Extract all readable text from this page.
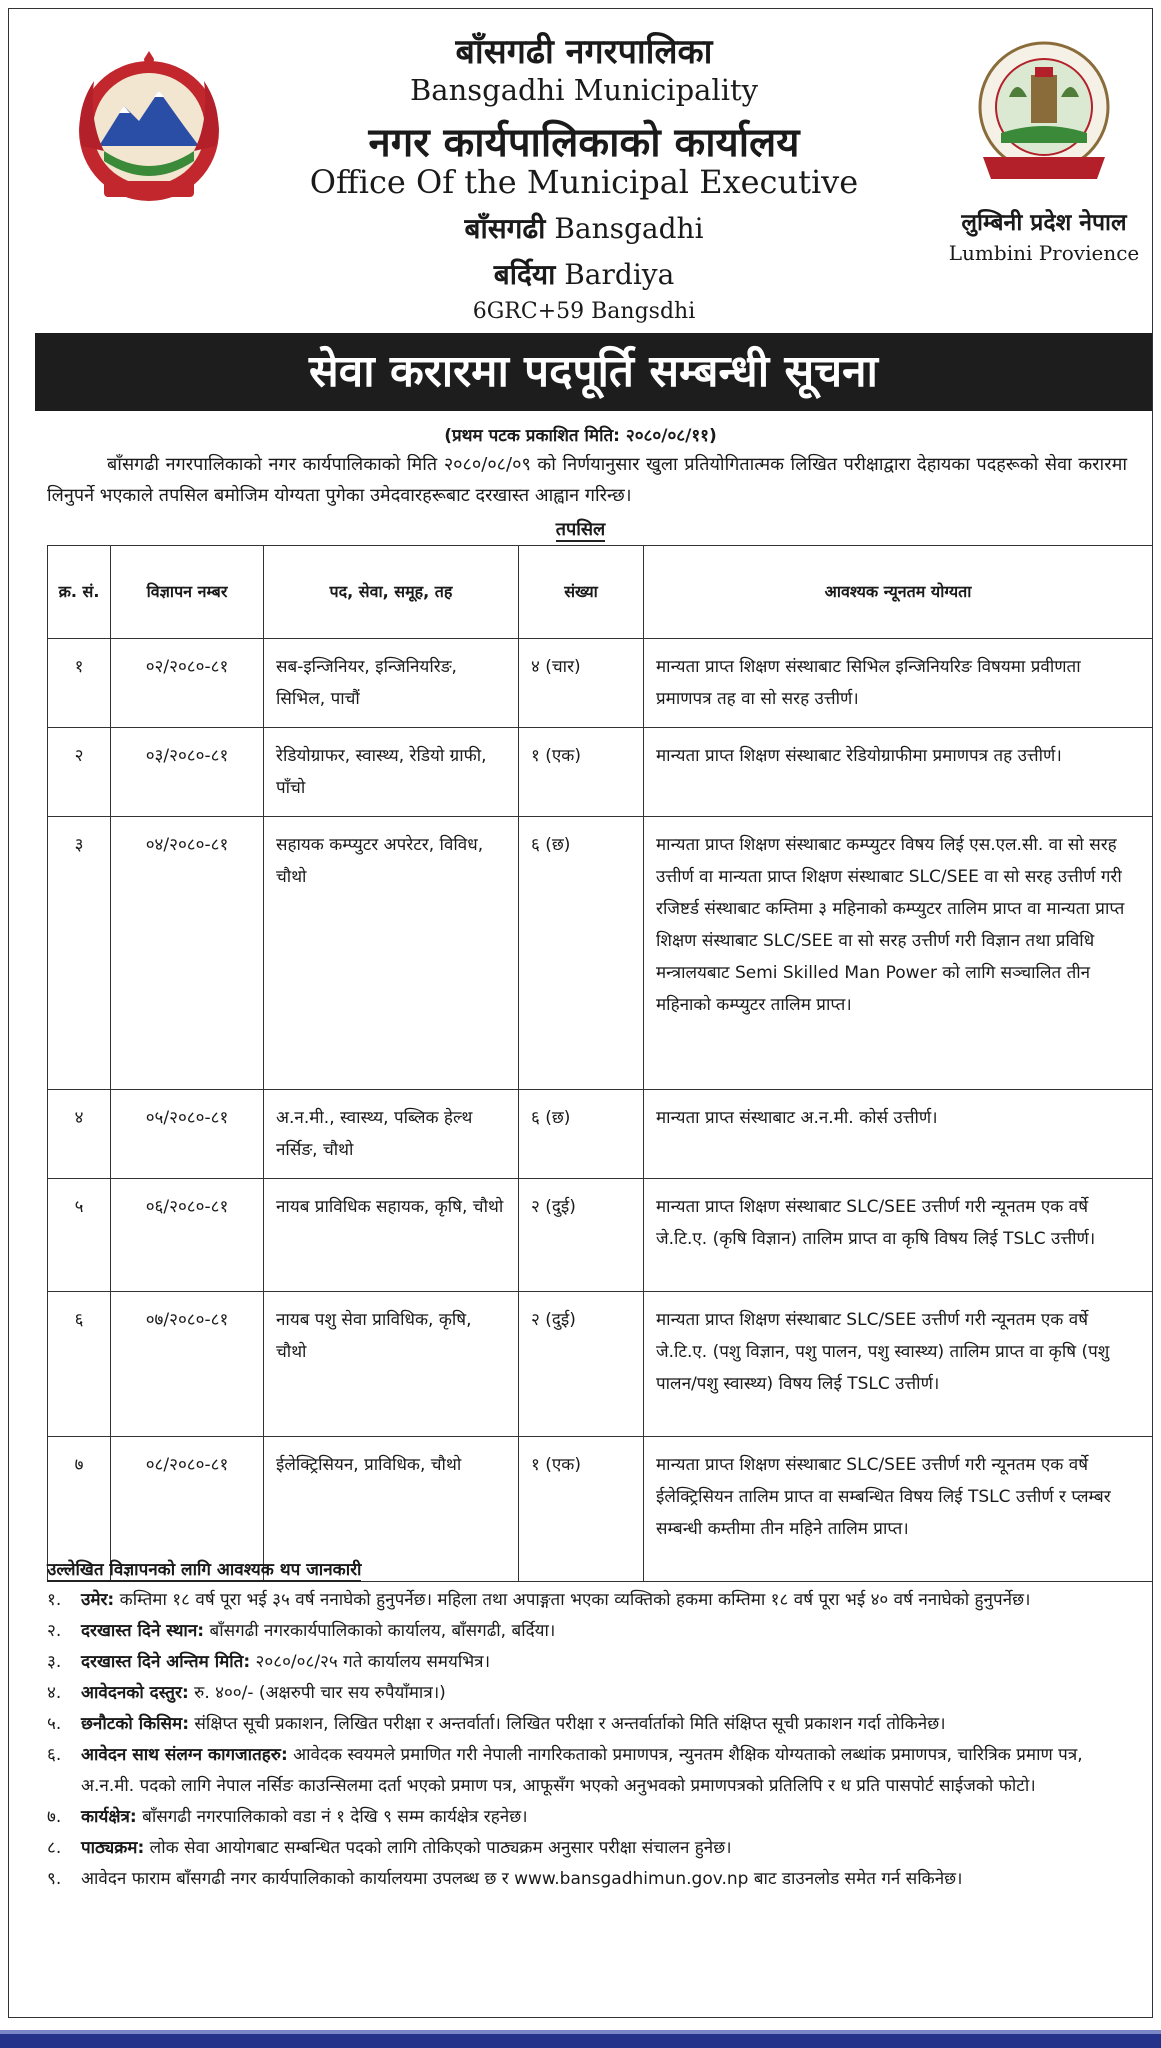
बाँसगढी नगरपालिका
Bansgadhi Municipality
नगर कार्यपालिकाको कार्यालय
Office Of the Municipal Executive
बाँसगढी Bansgadhi
बर्दिया Bardiya
6GRC+59 Bangsdhi
लुम्बिनी प्रदेश नेपाल
Lumbini Provience
सेवा करारमा पदपूर्ति सम्बन्धी सूचना
(प्रथम पटक प्रकाशित मिति: २०८०/०८/११)
बाँसगढी नगरपालिकाको नगर कार्यपालिकाको मिति २०८०/०८/०९ को निर्णयानुसार खुला प्रतियोगितात्मक लिखित परीक्षाद्वारा देहायका पदहरूको सेवा करारमा लिनुपर्ने भएकाले तपसिल बमोजिम योग्यता पुगेका उमेदवारहरूबाट दरखास्त आह्वान गरिन्छ।
तपसिल
क्र. सं.	विज्ञापन नम्बर	पद, सेवा, समूह, तह	संख्या	आवश्यक न्यूनतम योग्यता
१	०२/२०८०-८१	सब-इन्जिनियर, इन्जिनियरिङ, सिभिल, पाचौं	४ (चार)	मान्यता प्राप्त शिक्षण संस्थाबाट सिभिल इन्जिनियरिङ विषयमा प्रवीणता प्रमाणपत्र तह वा सो सरह उत्तीर्ण।
२	०३/२०८०-८१	रेडियोग्राफर, स्वास्थ्य, रेडियो ग्राफी, पाँचो	१ (एक)	मान्यता प्राप्त शिक्षण संस्थाबाट रेडियोग्राफीमा प्रमाणपत्र तह उत्तीर्ण।
३	०४/२०८०-८१	सहायक कम्प्युटर अपरेटर, विविध, चौथो	६ (छ)	मान्यता प्राप्त शिक्षण संस्थाबाट कम्प्युटर विषय लिई एस.एल.सी. वा सो सरह उत्तीर्ण वा मान्यता प्राप्त शिक्षण संस्थाबाट SLC/SEE वा सो सरह उत्तीर्ण गरी रजिष्टर्ड संस्थाबाट कम्तिमा ३ महिनाको कम्प्युटर तालिम प्राप्त वा मान्यता प्राप्त शिक्षण संस्थाबाट SLC/SEE वा सो सरह उत्तीर्ण गरी विज्ञान तथा प्रविधि मन्त्रालयबाट Semi Skilled Man Power को लागि सञ्चालित तीन महिनाको कम्प्युटर तालिम प्राप्त।
४	०५/२०८०-८१	अ.न.मी., स्वास्थ्य, पब्लिक हेल्थ नर्सिङ, चौथो	६ (छ)	मान्यता प्राप्त संस्थाबाट अ.न.मी. कोर्स उत्तीर्ण।
५	०६/२०८०-८१	नायब प्राविधिक सहायक, कृषि, चौथो	२ (दुई)	मान्यता प्राप्त शिक्षण संस्थाबाट SLC/SEE उत्तीर्ण गरी न्यूनतम एक वर्षे जे.टि.ए. (कृषि विज्ञान) तालिम प्राप्त वा कृषि विषय लिई TSLC उत्तीर्ण।
६	०७/२०८०-८१	नायब पशु सेवा प्राविधिक, कृषि, चौथो	२ (दुई)	मान्यता प्राप्त शिक्षण संस्थाबाट SLC/SEE उत्तीर्ण गरी न्यूनतम एक वर्षे जे.टि.ए. (पशु विज्ञान, पशु पालन, पशु स्वास्थ्य) तालिम प्राप्त वा कृषि (पशु पालन/पशु स्वास्थ्य) विषय लिई TSLC उत्तीर्ण।
७	०८/२०८०-८१	ईलेक्ट्रिसियन, प्राविधिक, चौथो	१ (एक)	मान्यता प्राप्त शिक्षण संस्थाबाट SLC/SEE उत्तीर्ण गरी न्यूनतम एक वर्षे ईलेक्ट्रिसियन तालिम प्राप्त वा सम्बन्धित विषय लिई TSLC उत्तीर्ण र प्लम्बर सम्बन्धी कम्तीमा तीन महिने तालिम प्राप्त।
उल्लेखित विज्ञापनको लागि आवश्यक थप जानकारी
१. उमेर: कम्तिमा १८ वर्ष पूरा भई ३५ वर्ष ननाघेको हुनुपर्नेछ। महिला तथा अपाङ्गता भएका व्यक्तिको हकमा कम्तिमा १८ वर्ष पूरा भई ४० वर्ष ननाघेको हुनुपर्नेछ।
२. दरखास्त दिने स्थान: बाँसगढी नगरकार्यपालिकाको कार्यालय, बाँसगढी, बर्दिया।
३. दरखास्त दिने अन्तिम मिति: २०८०/०८/२५ गते कार्यालय समयभित्र।
४. आवेदनको दस्तुर: रु. ४००/- (अक्षरुपी चार सय रुपैयाँमात्र।)
५. छनौटको किसिम: संक्षिप्त सूची प्रकाशन, लिखित परीक्षा र अन्तर्वार्ता। लिखित परीक्षा र अन्तर्वार्ताको मिति संक्षिप्त सूची प्रकाशन गर्दा तोकिनेछ।
६. आवेदन साथ संलग्न कागजातहरु: आवेदक स्वयमले प्रमाणित गरी नेपाली नागरिकताको प्रमाणपत्र, न्युनतम शैक्षिक योग्यताको लब्धांक प्रमाणपत्र, चारित्रिक प्रमाण पत्र, अ.न.मी. पदको लागि नेपाल नर्सिङ काउन्सिलमा दर्ता भएको प्रमाण पत्र, आफूसँग भएको अनुभवको प्रमाणपत्रको प्रतिलिपि र ध प्रति पासपोर्ट साईजको फोटो।
७. कार्यक्षेत्र: बाँसगढी नगरपालिकाको वडा नं १ देखि ९ सम्म कार्यक्षेत्र रहनेछ।
८. पाठ्यक्रम: लोक सेवा आयोगबाट सम्बन्धित पदको लागि तोकिएको पाठ्यक्रम अनुसार परीक्षा संचालन हुनेछ।
९. आवेदन फाराम बाँसगढी नगर कार्यपालिकाको कार्यालयमा उपलब्ध छ र www.bansgadhimun.gov.np बाट डाउनलोड समेत गर्न सकिनेछ।
